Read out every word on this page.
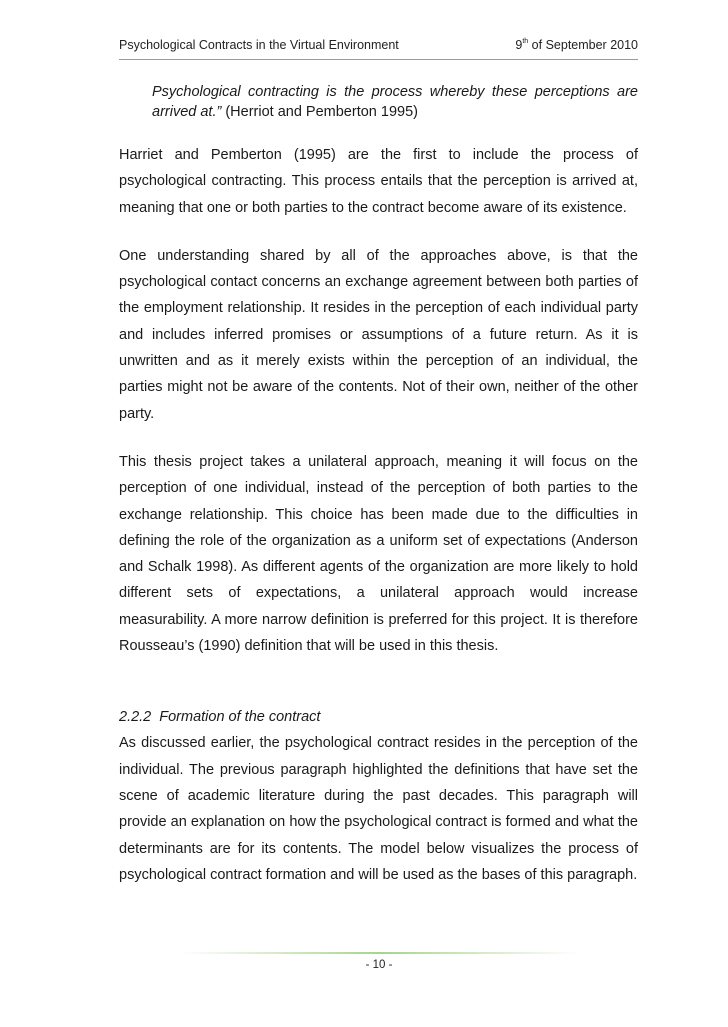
Psychological Contracts in the Virtual Environment	9th of September 2010

Psychological contracting is the process whereby these perceptions are arrived at.” (Herriot and Pemberton 1995)

Harriet and Pemberton (1995) are the first to include the process of psychological contracting. This process entails that the perception is arrived at, meaning that one or both parties to the contract become aware of its existence.

One understanding shared by all of the approaches above, is that the psychological contact concerns an exchange agreement between both parties of the employment relationship. It resides in the perception of each individual party and includes inferred promises or assumptions of a future return. As it is unwritten and as it merely exists within the perception of an individual, the parties might not be aware of the contents. Not of their own, neither of the other party.

This thesis project takes a unilateral approach, meaning it will focus on the perception of one individual, instead of the perception of both parties to the exchange relationship. This choice has been made due to the difficulties in defining the role of the organization as a uniform set of expectations (Anderson and Schalk 1998). As different agents of the organization are more likely to hold different sets of expectations, a unilateral approach would increase measurability. A more narrow definition is preferred for this project. It is therefore Rousseau’s (1990) definition that will be used in this thesis.

2.2.2 Formation of the contract

As discussed earlier, the psychological contract resides in the perception of the individual. The previous paragraph highlighted the definitions that have set the scene of academic literature during the past decades. This paragraph will provide an explanation on how the psychological contract is formed and what the determinants are for its contents. The model below visualizes the process of psychological contract formation and will be used as the bases of this paragraph.

- 10 -
